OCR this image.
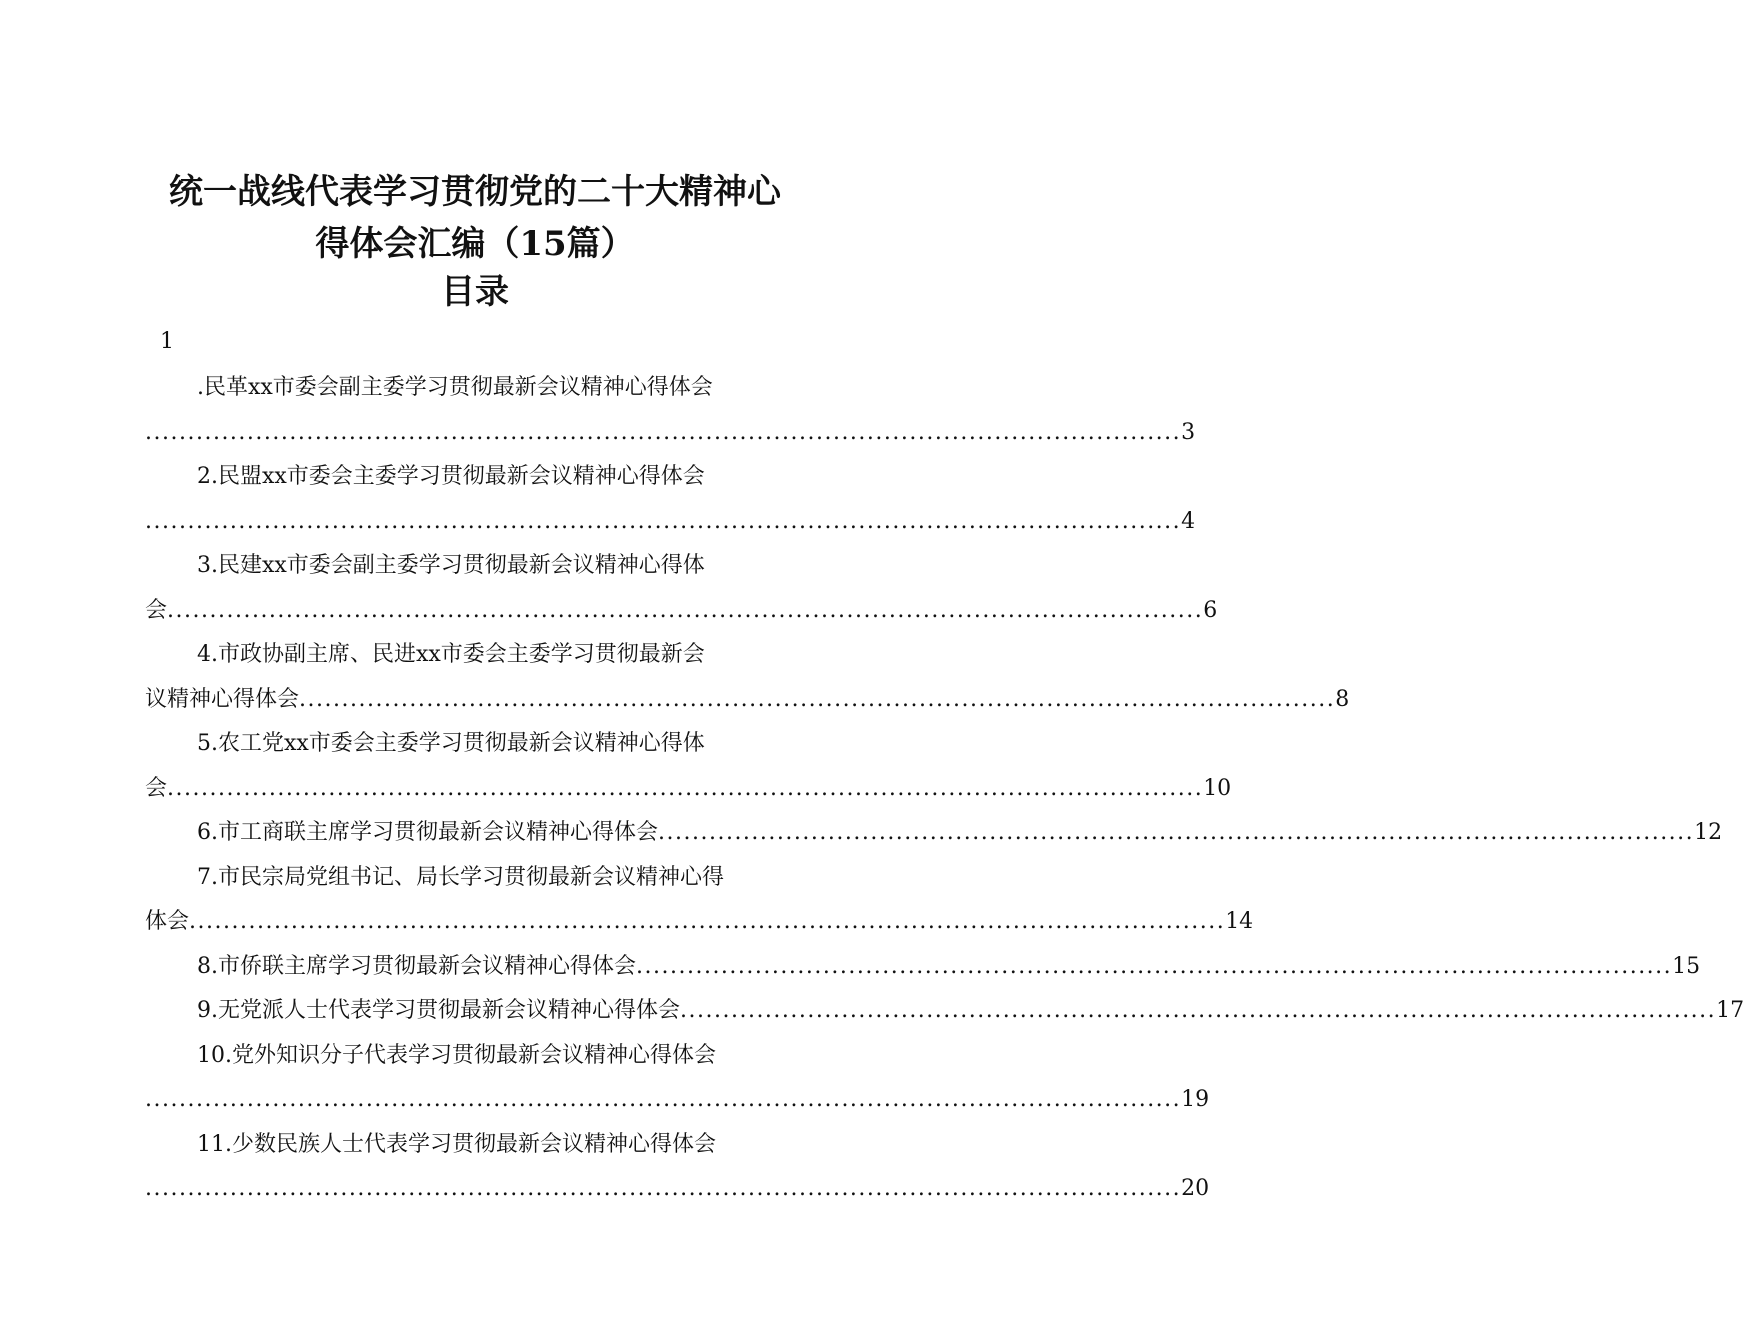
统一战线代表学习贯彻党的二十大精神心
得体会汇编（15篇）
目录
1
.民革xx市委会副主委学习贯彻最新会议精神心得体会
.......................................................................................................................... 3
2.民盟xx市委会主委学习贯彻最新会议精神心得体会
.......................................................................................................................... 4
3.民建xx市委会副主委学习贯彻最新会议精神心得体
会 .......................................................................................................................... 6
4.市政协副主席、民进xx市委会主委学习贯彻最新会
议精神心得体会 .......................................................................................................................... 8
5.农工党xx市委会主委学习贯彻最新会议精神心得体
会 .......................................................................................................................... 10
6.市工商联主席学习贯彻最新会议精神心得体会 .......................................................................................................................... 12
7.市民宗局党组书记、局长学习贯彻最新会议精神心得
体会 .......................................................................................................................... 14
8.市侨联主席学习贯彻最新会议精神心得体会 .......................................................................................................................... 15
9.无党派人士代表学习贯彻最新会议精神心得体会 .......................................................................................................................... 17
10.党外知识分子代表学习贯彻最新会议精神心得体会
.......................................................................................................................... 19
11.少数民族人士代表学习贯彻最新会议精神心得体会
.......................................................................................................................... 20
